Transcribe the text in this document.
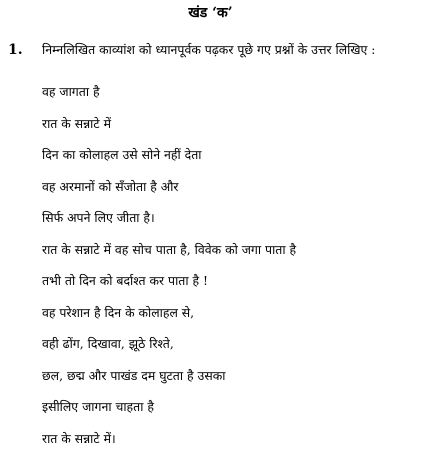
खंड ‘क’
1. निम्नलिखित काव्यांश को ध्यानपूर्वक पढ़कर पूछे गए प्रश्नों के उत्तर लिखिए :
वह जागता है
रात के सन्नाटे में
दिन का कोलाहल उसे सोने नहीं देता
वह अरमानों को सँजोता है और
सिर्फ अपने लिए जीता है।
रात के सन्नाटे में वह सोच पाता है, विवेक को जगा पाता है
तभी तो दिन को बर्दाश्त कर पाता है !
वह परेशान है दिन के कोलाहल से,
वही ढोंग, दिखावा, झूठे रिश्ते,
छल, छद्म और पाखंड दम घुटता है उसका
इसीलिए जागना चाहता है
रात के सन्नाटे में।
